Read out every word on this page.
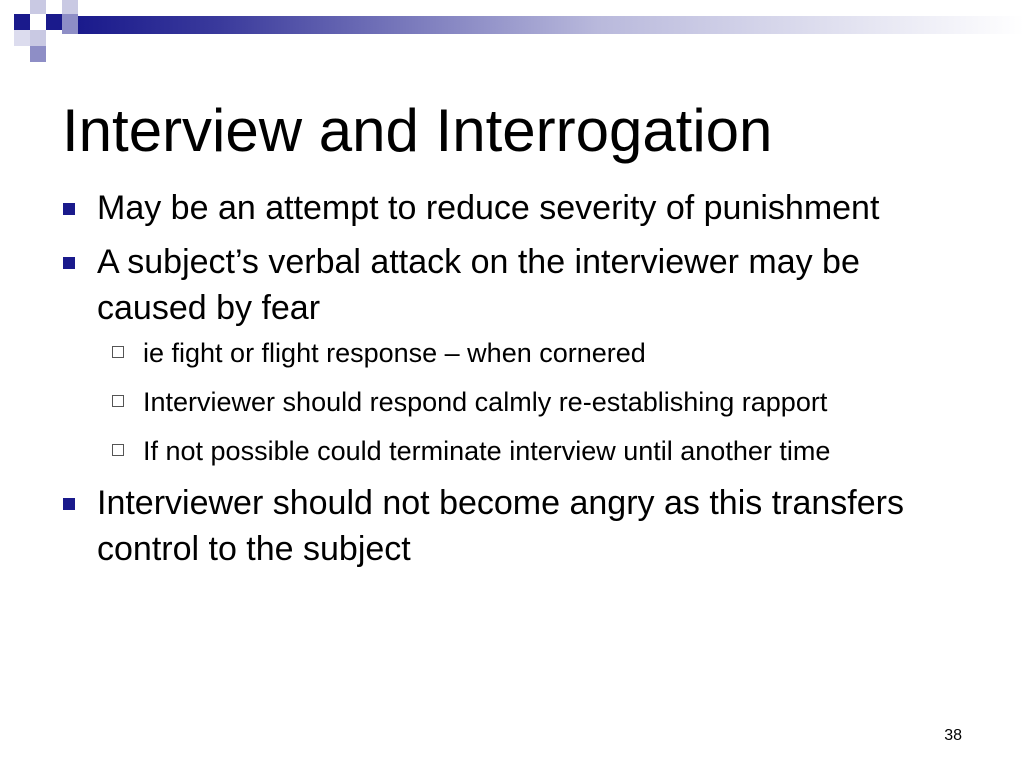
Interview and Interrogation
May be an attempt to reduce severity of punishment
A subject’s verbal attack on the interviewer may be caused by fear
ie fight or flight response – when cornered
Interviewer should respond calmly re-establishing rapport
If not possible could terminate interview until another time
Interviewer should not become angry as this transfers control to the subject
38
